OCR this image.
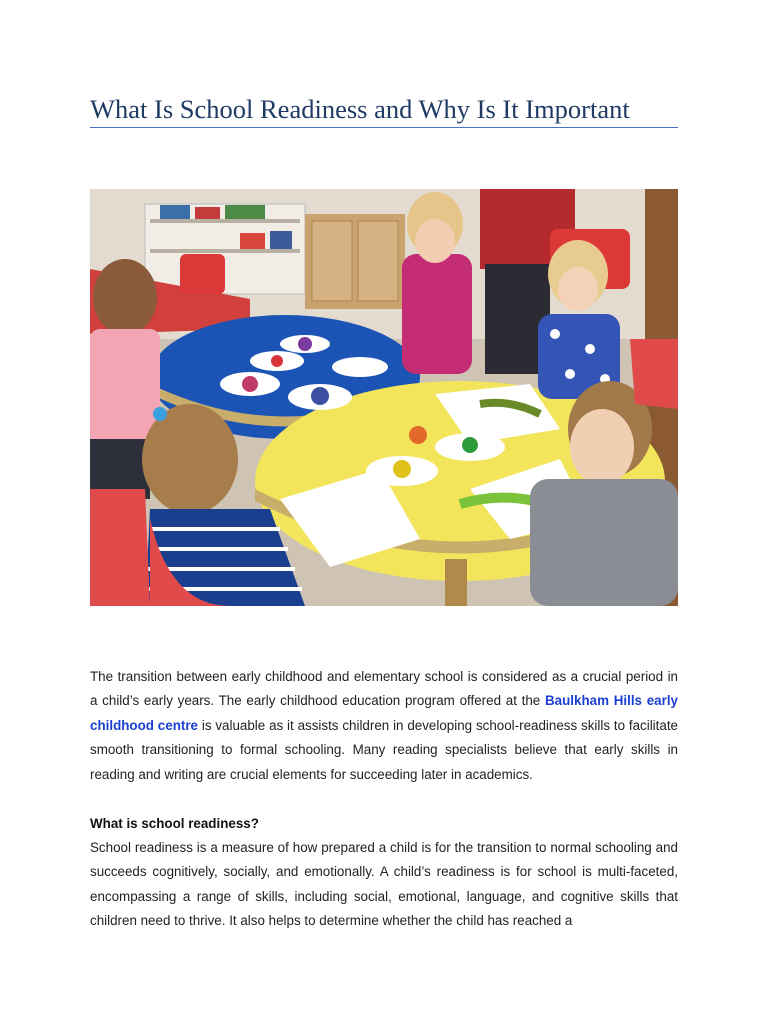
What Is School Readiness and Why Is It Important

The transition between early childhood and elementary school is considered as a crucial period in a child’s early years. The early childhood education program offered at the Baulkham Hills early childhood centre is valuable as it assists children in developing school-readiness skills to facilitate smooth transitioning to formal schooling. Many reading specialists believe that early skills in reading and writing are crucial elements for succeeding later in academics.

What is school readiness?

School readiness is a measure of how prepared a child is for the transition to normal schooling and succeeds cognitively, socially, and emotionally. A child’s readiness is for school is multi-faceted, encompassing a range of skills, including social, emotional, language, and cognitive skills that children need to thrive. It also helps to determine whether the child has reached a
